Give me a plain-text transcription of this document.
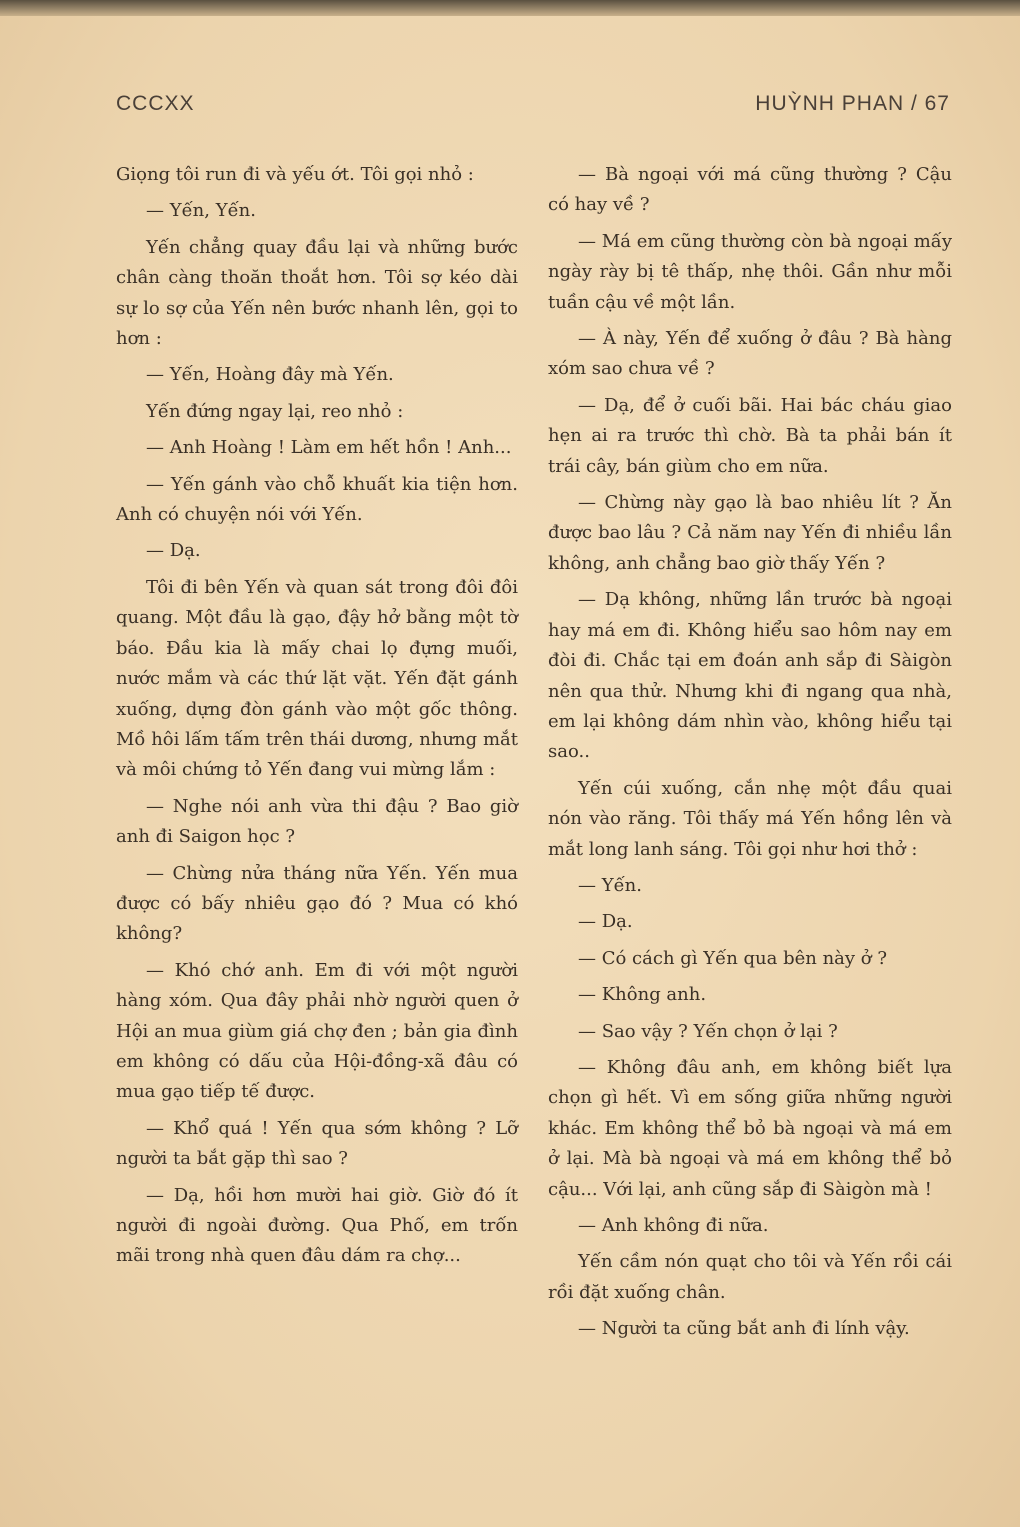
CCCXX	HUỲNH PHAN / 67

Giọng tôi run đi và yếu ớt. Tôi gọi nhỏ :

— Yến, Yến.

Yến chẳng quay đầu lại và những bước chân càng thoăn thoắt hơn. Tôi sợ kéo dài sự lo sợ của Yến nên bước nhanh lên, gọi to hơn :

— Yến, Hoàng đây mà Yến.

Yến đứng ngay lại, reo nhỏ :

— Anh Hoàng ! Làm em hết hồn ! Anh...

— Yến gánh vào chỗ khuất kia tiện hơn. Anh có chuyện nói với Yến.

— Dạ.

Tôi đi bên Yến và quan sát trong đôi đôi quang. Một đầu là gạo, đậy hở bằng một tờ báo. Đầu kia là mấy chai lọ đựng muối, nước mắm và các thứ lặt vặt. Yến đặt gánh xuống, dựng đòn gánh vào một gốc thông. Mồ hôi lấm tấm trên thái dương, nhưng mắt và môi chứng tỏ Yến đang vui mừng lắm :

— Nghe nói anh vừa thi đậu ? Bao giờ anh đi Saigon học ?

— Chừng nửa tháng nữa Yến. Yến mua được có bấy nhiêu gạo đó ? Mua có khó không?

— Khó chớ anh. Em đi với một người hàng xóm. Qua đây phải nhờ người quen ở Hội an mua giùm giá chợ đen ; bản gia đình em không có dấu của Hội-đồng-xã đâu có mua gạo tiếp tế được.

— Khổ quá ! Yến qua sớm không ? Lỡ người ta bắt gặp thì sao ?

— Dạ, hồi hơn mười hai giờ. Giờ đó ít người đi ngoài đường. Qua Phố, em trốn mãi trong nhà quen đâu dám ra chợ...

— Bà ngoại với má cũng thường ? Cậu có hay về ?

— Má em cũng thường còn bà ngoại mấy ngày rày bị tê thấp, nhẹ thôi. Gần như mỗi tuần cậu về một lần.

— À này, Yến để xuống ở đâu ? Bà hàng xóm sao chưa về ?

— Dạ, để ở cuối bãi. Hai bác cháu giao hẹn ai ra trước thì chờ. Bà ta phải bán ít trái cây, bán giùm cho em nữa.

— Chừng này gạo là bao nhiêu lít ? Ăn được bao lâu ? Cả năm nay Yến đi nhiều lần không, anh chẳng bao giờ thấy Yến ?

— Dạ không, những lần trước bà ngoại hay má em đi. Không hiểu sao hôm nay em đòi đi. Chắc tại em đoán anh sắp đi Sàigòn nên qua thử. Nhưng khi đi ngang qua nhà, em lại không dám nhìn vào, không hiểu tại sao..

Yến cúi xuống, cắn nhẹ một đầu quai nón vào răng. Tôi thấy má Yến hồng lên và mắt long lanh sáng. Tôi gọi như hơi thở :

— Yến.

— Dạ.

— Có cách gì Yến qua bên này ở ?

— Không anh.

— Sao vậy ? Yến chọn ở lại ?

— Không đâu anh, em không biết lựa chọn gì hết. Vì em sống giữa những người khác. Em không thể bỏ bà ngoại và má em ở lại. Mà bà ngoại và má em không thể bỏ cậu... Với lại, anh cũng sắp đi Sàigòn mà !

— Anh không đi nữa.

Yến cầm nón quạt cho tôi và Yến rồi cái rồi đặt xuống chân.

— Người ta cũng bắt anh đi lính vậy.
